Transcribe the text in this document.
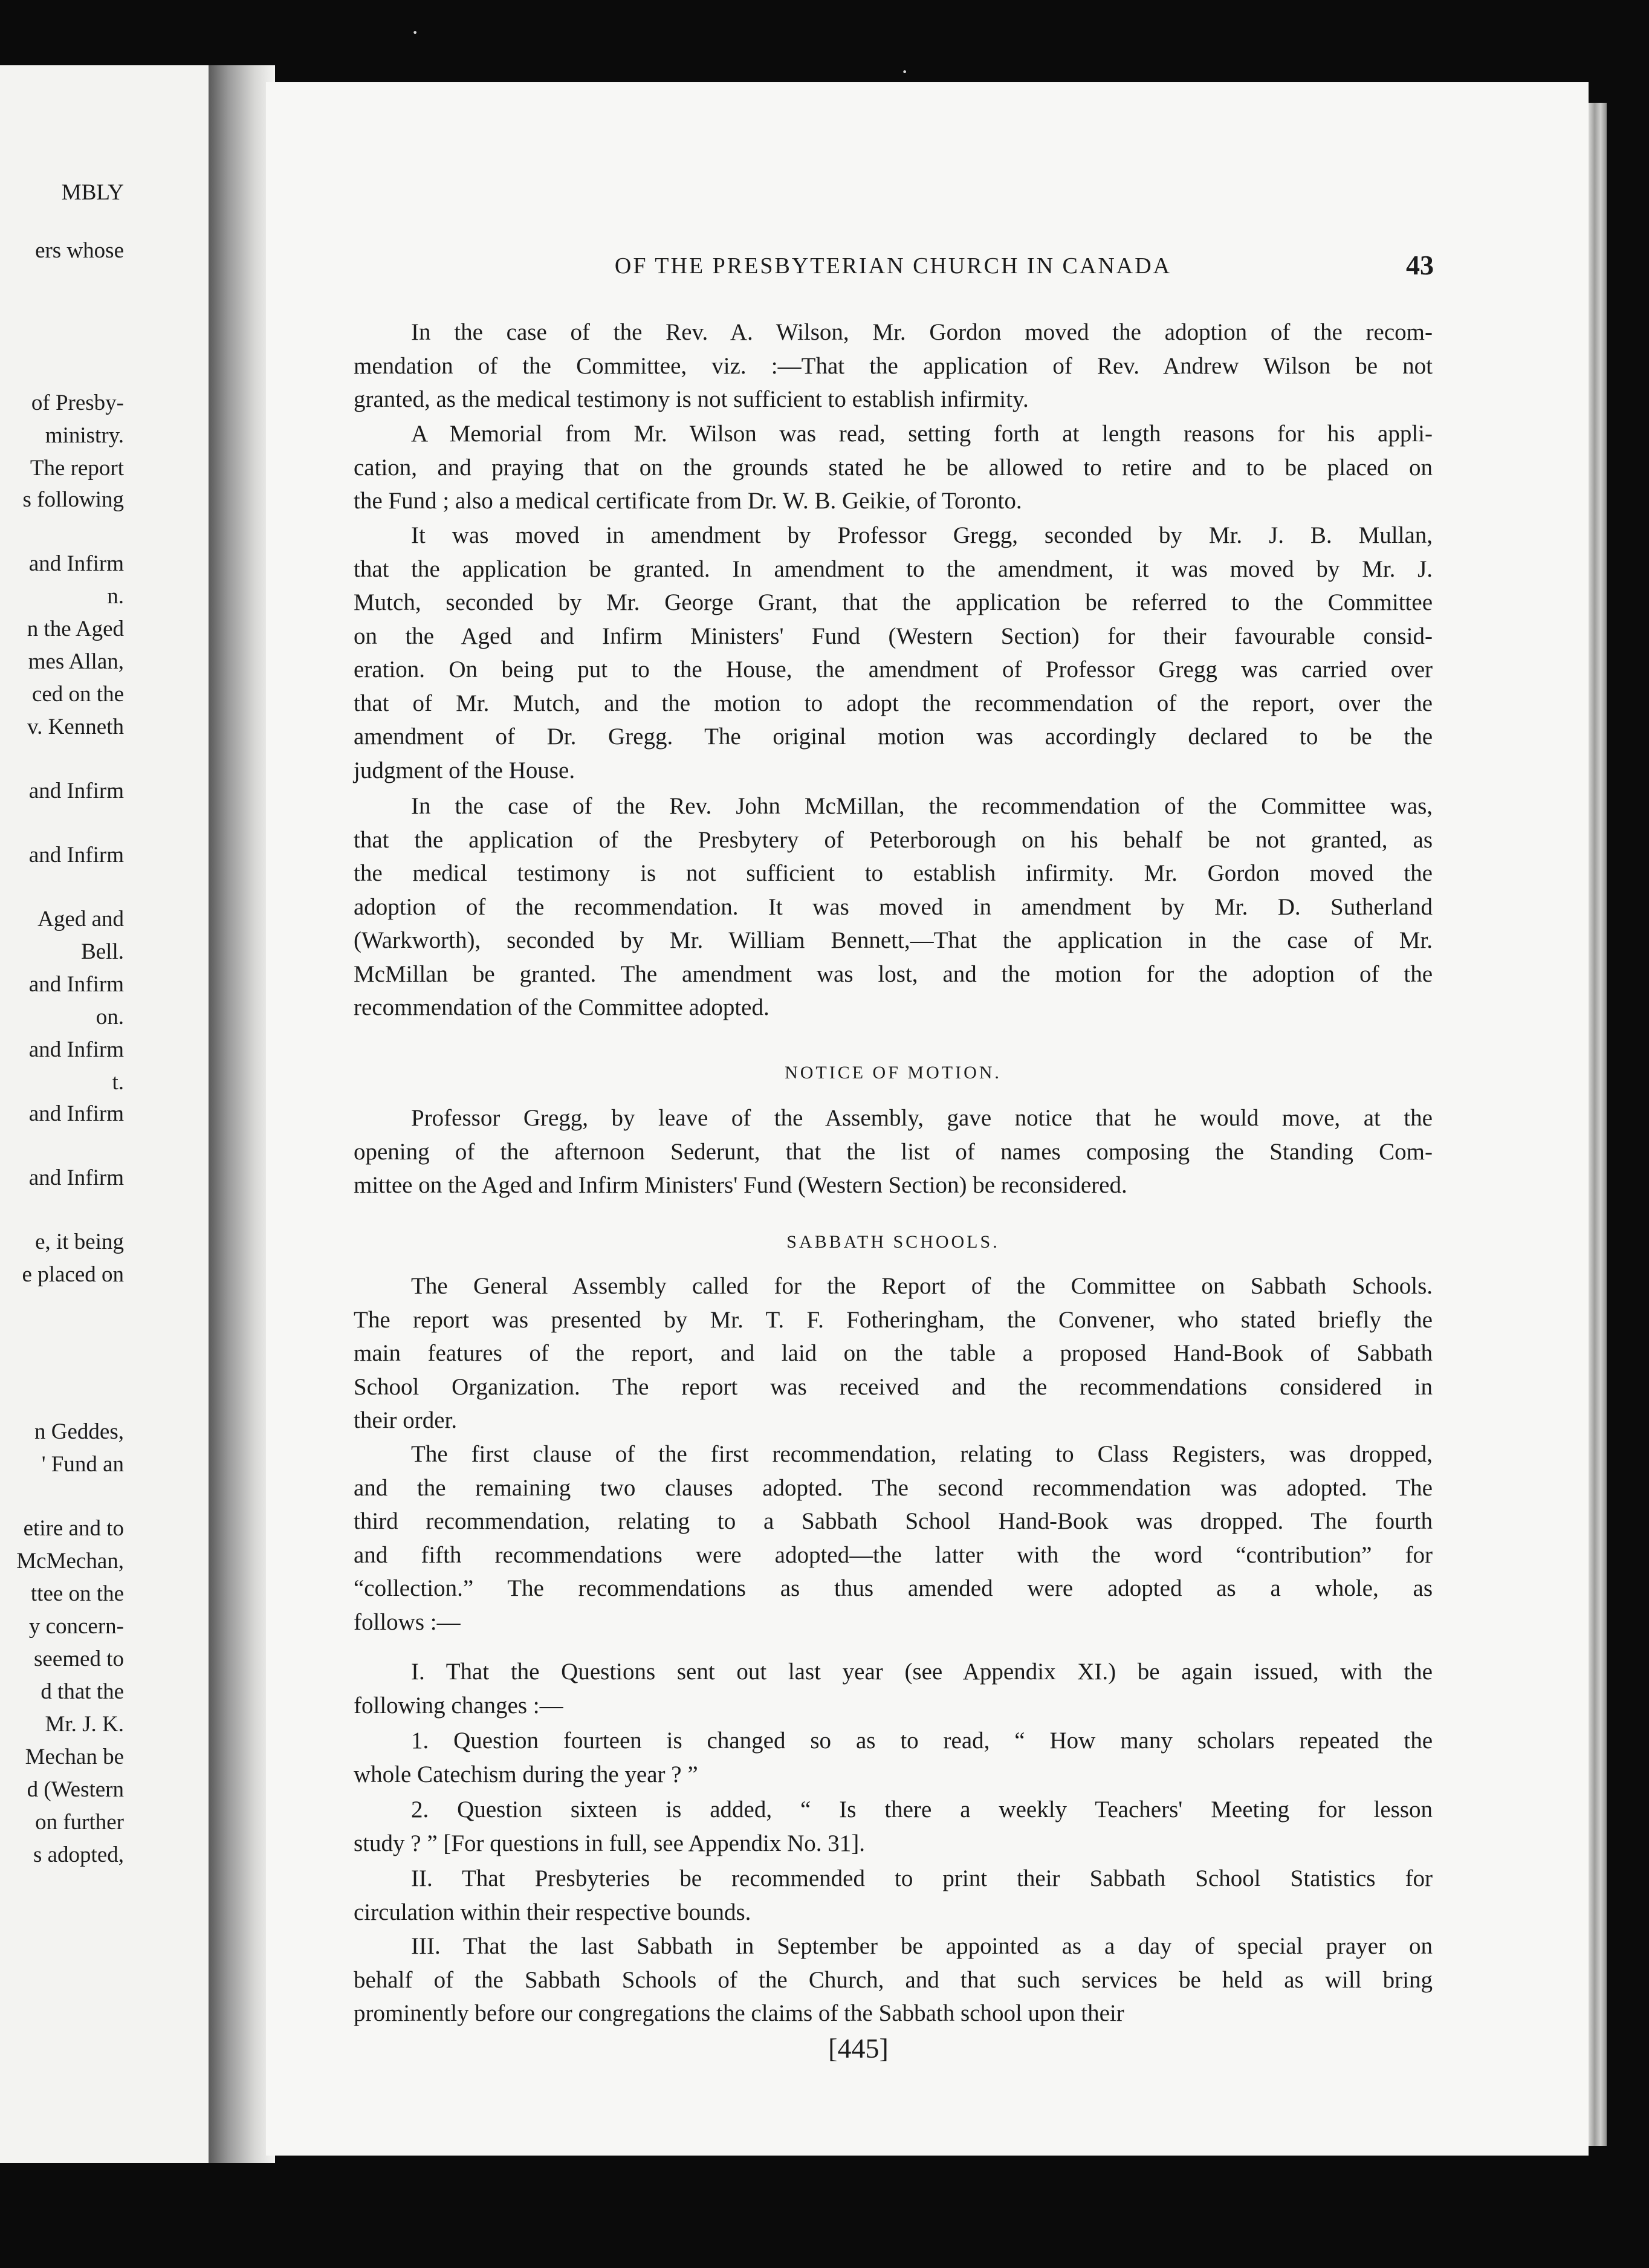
MBLY
ers whose
of Presby-
ministry.
The report
s following
and Infirm
n.
n the Aged
mes Allan,
ced on the
v. Kenneth
and Infirm
and Infirm
Aged and
Bell.
and Infirm
on.
and Infirm
t.
and Infirm
and Infirm
e, it being
e placed on
n Geddes,
' Fund an
etire and to
McMechan,
ttee on the
y concern-
seemed to
d that the
Mr. J. K.
Mechan be
d (Western
on further
s adopted,
·
·
OF THE PRESBYTERIAN CHURCH IN CANADA	43

In the case of the Rev. A. Wilson, Mr. Gordon moved the adoption of the recom-
mendation of the Committee, viz. :—That the application of Rev. Andrew Wilson be not
granted, as the medical testimony is not sufficient to establish infirmity.

A Memorial from Mr. Wilson was read, setting forth at length reasons for his appli-
cation, and praying that on the grounds stated he be allowed to retire and to be placed on
the Fund ; also a medical certificate from Dr. W. B. Geikie, of Toronto.

It was moved in amendment by Professor Gregg, seconded by Mr. J. B. Mullan,
that the application be granted. In amendment to the amendment, it was moved by Mr. J.
Mutch, seconded by Mr. George Grant, that the application be referred to the Committee
on the Aged and Infirm Ministers' Fund (Western Section) for their favourable consid-
eration. On being put to the House, the amendment of Professor Gregg was carried over
that of Mr. Mutch, and the motion to adopt the recommendation of the report, over the
amendment of Dr. Gregg. The original motion was accordingly declared to be the
judgment of the House.

In the case of the Rev. John McMillan, the recommendation of the Committee was,
that the application of the Presbytery of Peterborough on his behalf be not granted, as
the medical testimony is not sufficient to establish infirmity. Mr. Gordon moved the
adoption of the recommendation. It was moved in amendment by Mr. D. Sutherland
(Warkworth), seconded by Mr. William Bennett,—That the application in the case of Mr.
McMillan be granted. The amendment was lost, and the motion for the adoption of the
recommendation of the Committee adopted.

NOTICE OF MOTION.

Professor Gregg, by leave of the Assembly, gave notice that he would move, at the
opening of the afternoon Sederunt, that the list of names composing the Standing Com-
mittee on the Aged and Infirm Ministers' Fund (Western Section) be reconsidered.

SABBATH SCHOOLS.

The General Assembly called for the Report of the Committee on Sabbath Schools.
The report was presented by Mr. T. F. Fotheringham, the Convener, who stated briefly the
main features of the report, and laid on the table a proposed Hand-Book of Sabbath
School Organization. The report was received and the recommendations considered in
their order.

The first clause of the first recommendation, relating to Class Registers, was dropped,
and the remaining two clauses adopted. The second recommendation was adopted. The
third recommendation, relating to a Sabbath School Hand-Book was dropped. The fourth
and fifth recommendations were adopted—the latter with the word “contribution” for
“collection.” The recommendations as thus amended were adopted as a whole, as
follows :—

I. That the Questions sent out last year (see Appendix XI.) be again issued, with the
following changes :—

1. Question fourteen is changed so as to read, “ How many scholars repeated the
whole Catechism during the year ? ”

2. Question sixteen is added, “ Is there a weekly Teachers' Meeting for lesson
study ? ” [For questions in full, see Appendix No. 31].

II. That Presbyteries be recommended to print their Sabbath School Statistics for
circulation within their respective bounds.

III. That the last Sabbath in September be appointed as a day of special prayer on
behalf of the Sabbath Schools of the Church, and that such services be held as will bring
prominently before our congregations the claims of the Sabbath school upon their

[445]
